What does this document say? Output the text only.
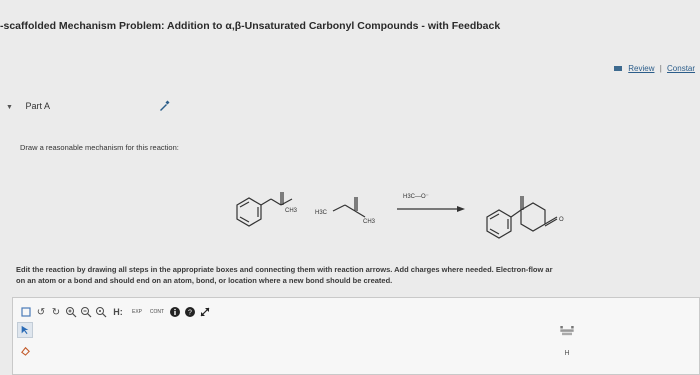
-scaffolded Mechanism Problem: Addition to α,β-Unsaturated Carbonyl Compounds - with Feedback
Review | Constar
▼ Part A
Draw a reasonable mechanism for this reaction:
CH3	H3C
CH3
H3C—O⁻
O
Edit the reaction by drawing all steps in the appropriate boxes and connecting them with reaction arrows. Add charges where needed. Electron-flow ar
on an atom or a bond and should end on an atom, bond, or location where a new bond should be created.
↺ ↻	H:	EXP	CONT	?
H
